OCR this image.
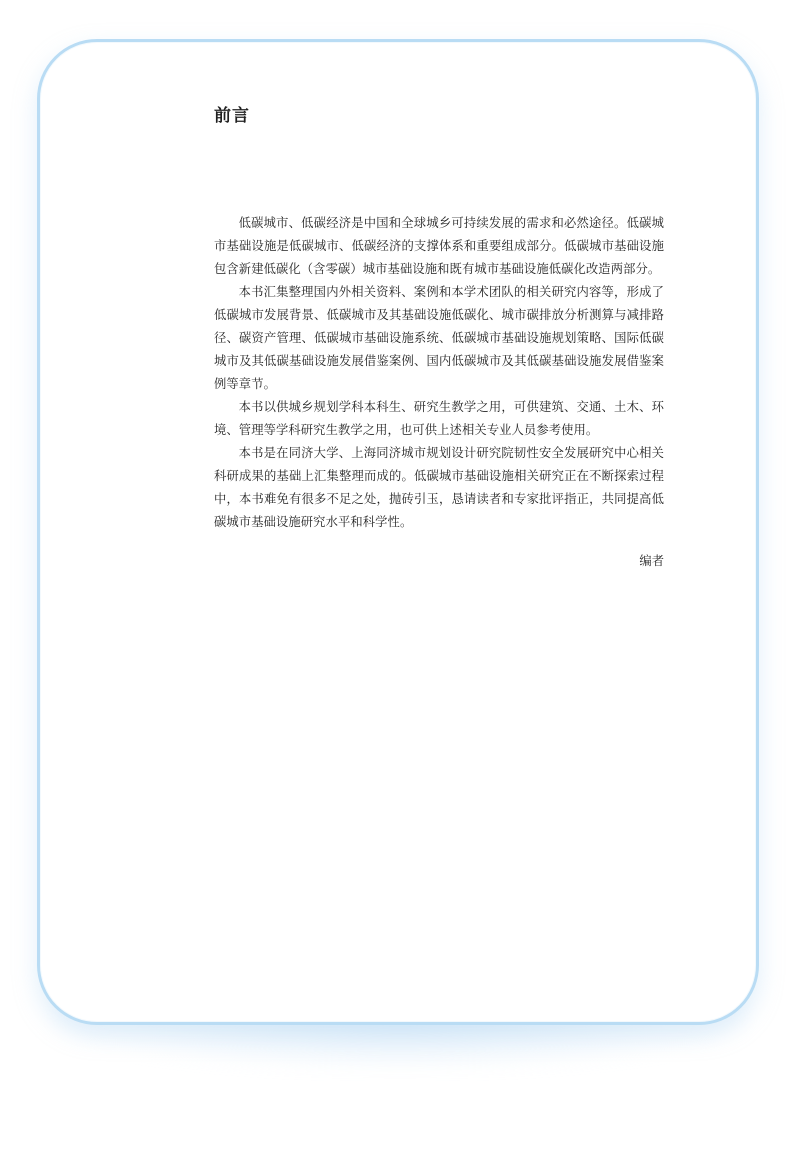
前言

低碳城市、低碳经济是中国和全球城乡可持续发展的需求和必然途径。低碳城市基础设施是低碳城市、低碳经济的支撑体系和重要组成部分。低碳城市基础设施包含新建低碳化（含零碳）城市基础设施和既有城市基础设施低碳化改造两部分。

本书汇集整理国内外相关资料、案例和本学术团队的相关研究内容等，形成了低碳城市发展背景、低碳城市及其基础设施低碳化、城市碳排放分析测算与减排路径、碳资产管理、低碳城市基础设施系统、低碳城市基础设施规划策略、国际低碳城市及其低碳基础设施发展借鉴案例、国内低碳城市及其低碳基础设施发展借鉴案例等章节。

本书以供城乡规划学科本科生、研究生教学之用，可供建筑、交通、土木、环境、管理等学科研究生教学之用，也可供上述相关专业人员参考使用。

本书是在同济大学、上海同济城市规划设计研究院韧性安全发展研究中心相关科研成果的基础上汇集整理而成的。低碳城市基础设施相关研究正在不断探索过程中，本书难免有很多不足之处，抛砖引玉，恳请读者和专家批评指正，共同提高低碳城市基础设施研究水平和科学性。

编者
